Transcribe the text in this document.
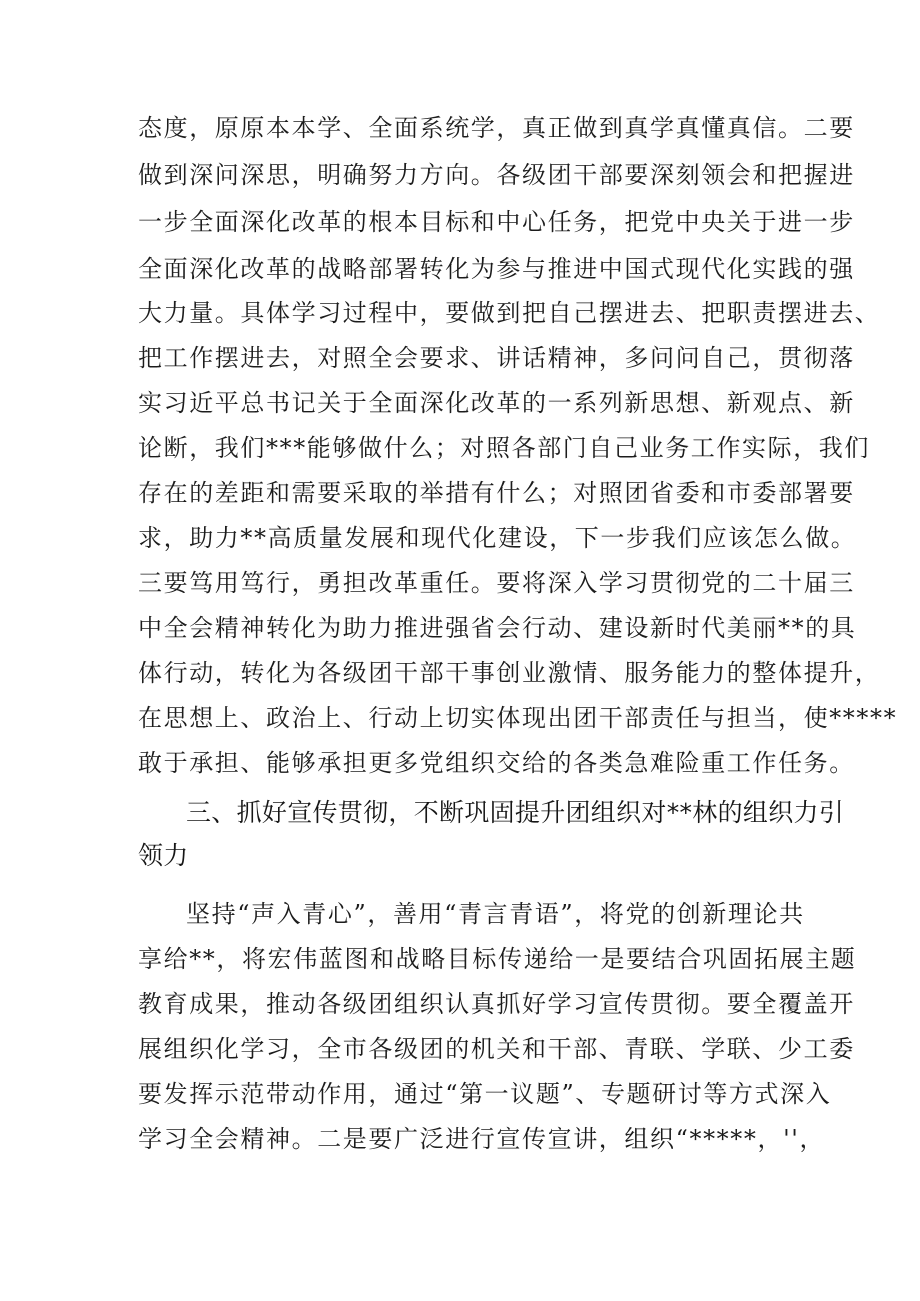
态度，原原本本学、全面系统学，真正做到真学真懂真信。二要
做到深问深思，明确努力方向。各级团干部要深刻领会和把握进
一步全面深化改革的根本目标和中心任务，把党中央关于进一步
全面深化改革的战略部署转化为参与推进中国式现代化实践的强
大力量。具体学习过程中，要做到把自己摆进去、把职责摆进去、
把工作摆进去，对照全会要求、讲话精神，多问问自己，贯彻落
实习近平总书记关于全面深化改革的一系列新思想、新观点、新
论断，我们***能够做什么；对照各部门自己业务工作实际，我们
存在的差距和需要采取的举措有什么；对照团省委和市委部署要
求，助力**高质量发展和现代化建设，下一步我们应该怎么做。
三要笃用笃行，勇担改革重任。要将深入学习贯彻党的二十届三
中全会精神转化为助力推进强省会行动、建设新时代美丽**的具
体行动，转化为各级团干部干事创业激情、服务能力的整体提升，
在思想上、政治上、行动上切实体现出团干部责任与担当，使*****
敢于承担、能够承担更多党组织交给的各类急难险重工作任务。
三、抓好宣传贯彻，不断巩固提升团组织对**林的组织力引
领力
坚持“声入青心”，善用“青言青语”，将党的创新理论共
享给**，将宏伟蓝图和战略目标传递给一是要结合巩固拓展主题
教育成果，推动各级团组织认真抓好学习宣传贯彻。要全覆盖开
展组织化学习，全市各级团的机关和干部、青联、学联、少工委
要发挥示范带动作用，通过“第一议题”、专题研讨等方式深入
学习全会精神。二是要广泛进行宣传宣讲，组织“*****，''，
